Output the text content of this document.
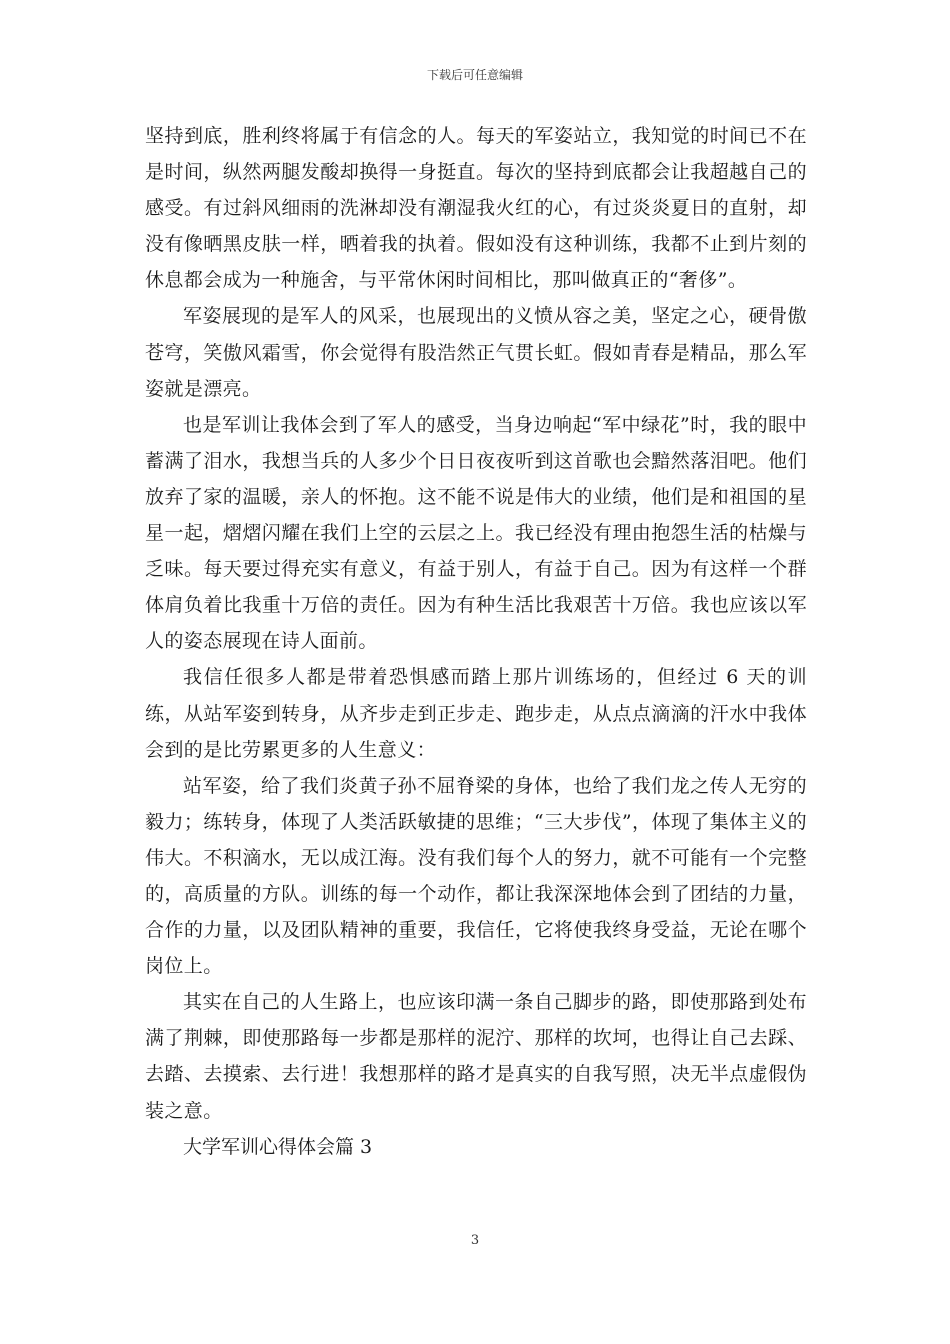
下载后可任意编辑

坚持到底，胜利终将属于有信念的人。每天的军姿站立，我知觉的时间已不在是时间，纵然两腿发酸却换得一身挺直。每次的坚持到底都会让我超越自己的感受。有过斜风细雨的洗淋却没有潮湿我火红的心，有过炎炎夏日的直射，却没有像晒黑皮肤一样，晒着我的执着。假如没有这种训练，我都不止到片刻的休息都会成为一种施舍，与平常休闲时间相比，那叫做真正的“奢侈”。

军姿展现的是军人的风采，也展现出的义愤从容之美，坚定之心，硬骨傲苍穹，笑傲风霜雪，你会觉得有股浩然正气贯长虹。假如青春是精品，那么军姿就是漂亮。

也是军训让我体会到了军人的感受，当身边响起“军中绿花”时，我的眼中蓄满了泪水，我想当兵的人多少个日日夜夜听到这首歌也会黯然落泪吧。他们放弃了家的温暖，亲人的怀抱。这不能不说是伟大的业绩，他们是和祖国的星星一起，熠熠闪耀在我们上空的云层之上。我已经没有理由抱怨生活的枯燥与乏味。每天要过得充实有意义，有益于别人，有益于自己。因为有这样一个群体肩负着比我重十万倍的责任。因为有种生活比我艰苦十万倍。我也应该以军人的姿态展现在诗人面前。

我信任很多人都是带着恐惧感而踏上那片训练场的，但经过 6 天的训练，从站军姿到转身，从齐步走到正步走、跑步走，从点点滴滴的汗水中我体会到的是比劳累更多的人生意义：

站军姿，给了我们炎黄子孙不屈脊梁的身体，也给了我们龙之传人无穷的毅力；练转身，体现了人类活跃敏捷的思维；“三大步伐”，体现了集体主义的伟大。不积滴水，无以成江海。没有我们每个人的努力，就不可能有一个完整的，高质量的方队。训练的每一个动作，都让我深深地体会到了团结的力量，合作的力量，以及团队精神的重要，我信任，它将使我终身受益，无论在哪个岗位上。

其实在自己的人生路上，也应该印满一条自己脚步的路，即使那路到处布满了荆棘，即使那路每一步都是那样的泥泞、那样的坎坷，也得让自己去踩、去踏、去摸索、去行进！我想那样的路才是真实的自我写照，决无半点虚假伪装之意。

大学军训心得体会篇 3

3
